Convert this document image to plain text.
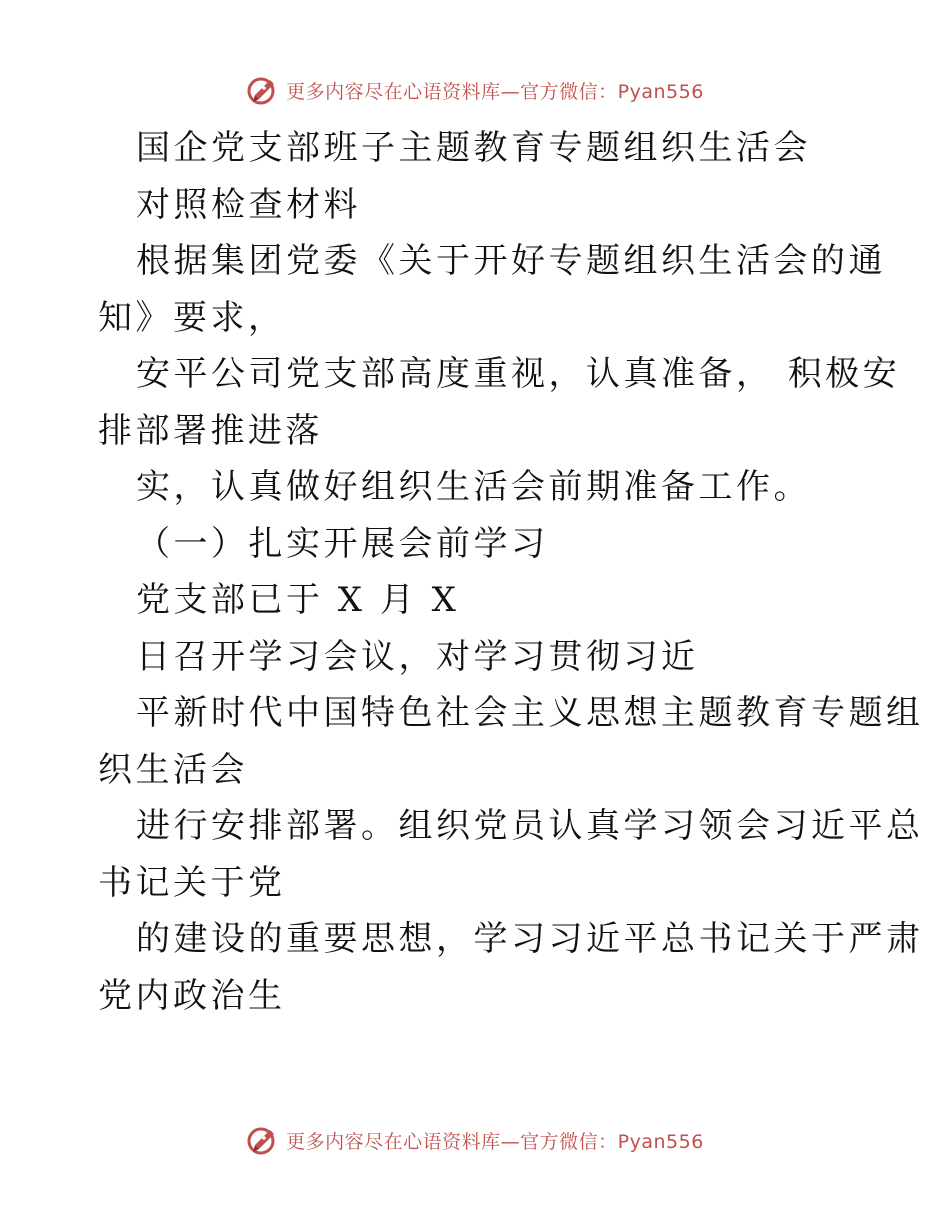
更多内容尽在心语资料库—官方微信：Pyan556
国企党支部班子主题教育专题组织生活会
对照检查材料
根据集团党委《关于开好专题组织生活会的通
知》要求，
安平公司党支部高度重视，认真准备， 积极安
排部署推进落
实，认真做好组织生活会前期准备工作。
（一）扎实开展会前学习
党支部已于 X 月 X
日召开学习会议，对学习贯彻习近
平新时代中国特色社会主义思想主题教育专题组
织生活会
进行安排部署。组织党员认真学习领会习近平总
书记关于党
的建设的重要思想，学习习近平总书记关于严肃
党内政治生
更多内容尽在心语资料库—官方微信：Pyan556
